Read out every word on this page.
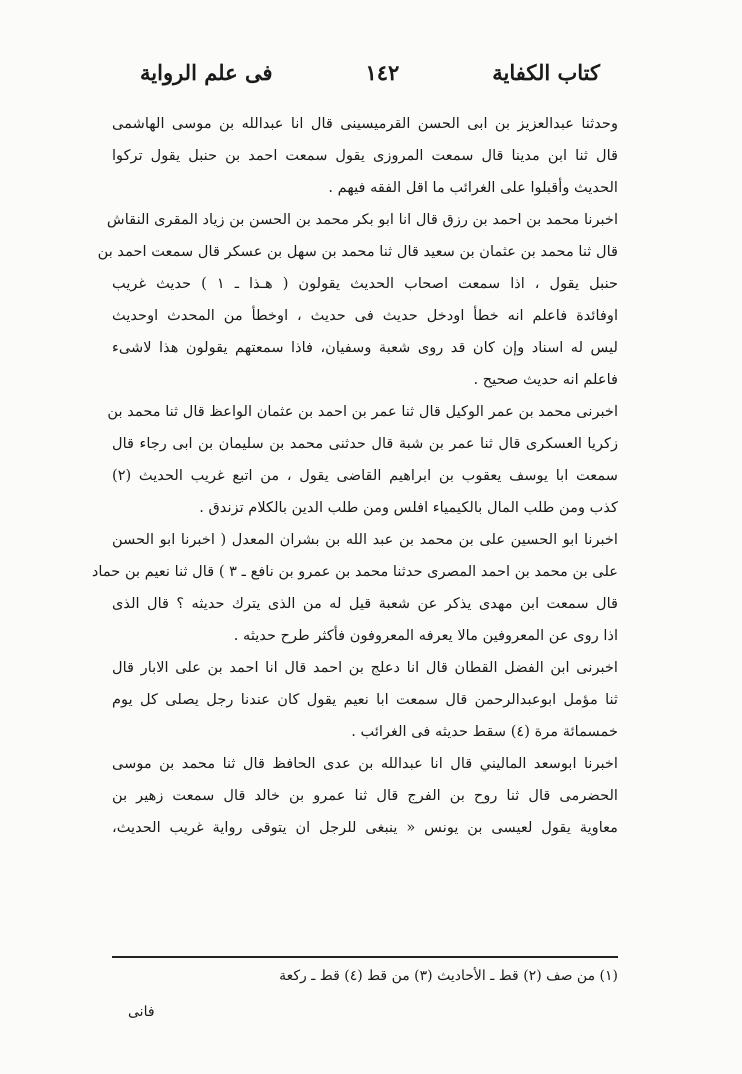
كتاب الكفاية
١٤٢
فى علم الرواية

وحدثنا عبدالعزيز بن ابى الحسن القرميسينى قال انا عبدالله بن موسى الهاشمى
قال ثنا ابن مدينا قال سمعت المروزى يقول سمعت احمد بن حنبل يقول تركوا
الحديث وأقبلوا على الغرائب ما اقل الفقه فيهم .

اخبرنا محمد بن احمد بن رزق قال انا ابو بكر محمد بن الحسن بن زياد المقرى النقاش
قال ثنا محمد بن عثمان بن سعيد قال ثنا محمد بن سهل بن عسكر قال سمعت احمد بن
حنبل يقول ، اذا سمعت اصحاب الحديث يقولون ( هـذا ـ ١ ) حديث غريب
اوفائدة فاعلم انه خطأ اودخل حديث فى حديث ، اوخطأ من المحدث اوحديث
ليس له اسناد وإن كان قد روى شعبة وسفيان، فاذا سمعتهم يقولون هذا لاشىء
فاعلم انه حديث صحيح .

اخبرنى محمد بن عمر الوكيل قال ثنا عمر بن احمد بن عثمان الواعظ قال ثنا محمد بن
زكريا العسكرى قال ثنا عمر بن شبة قال حدثنى محمد بن سليمان بن ابى رجاء قال
سمعت ابا يوسف يعقوب بن ابراهيم القاضى يقول ، من اتبع غريب الحديث (٢)
كذب ومن طلب المال بالكيمياء افلس ومن طلب الدين بالكلام تزندق .

اخبرنا ابو الحسين على بن محمد بن عبد الله بن بشران المعدل ( اخبرنا ابو الحسن
على بن محمد بن احمد المصرى حدثنا محمد بن عمرو بن نافع ـ ٣ ) قال ثنا نعيم بن حماد
قال سمعت ابن مهدى يذكر عن شعبة قيل له من الذى يترك حديثه ؟ قال الذى
اذا روى عن المعروفين مالا يعرفه المعروفون فأكثر طرح حديثه .

اخبرنى ابن الفضل القطان قال انا دعلج بن احمد قال انا احمد بن على الابار قال
ثنا مؤمل ابوعبدالرحمن قال سمعت ابا نعيم يقول كان عندنا رجل يصلى كل يوم
خمسمائة مرة (٤) سقط حديثه فى الغرائب .

اخبرنا ابوسعد الماليني قال انا عبدالله بن عدى الحافظ قال ثنا محمد بن موسى
الحضرمى قال ثنا روح بن الفرج قال ثنا عمرو بن خالد قال سمعت زهير بن
معاوية يقول لعيسى بن يونس « ينبغى للرجل ان يتوقى رواية غريب الحديث،

(١) من صف (٢) قط ـ الأحاديث (٣) من قط (٤) قط ـ ركعة
فانى
